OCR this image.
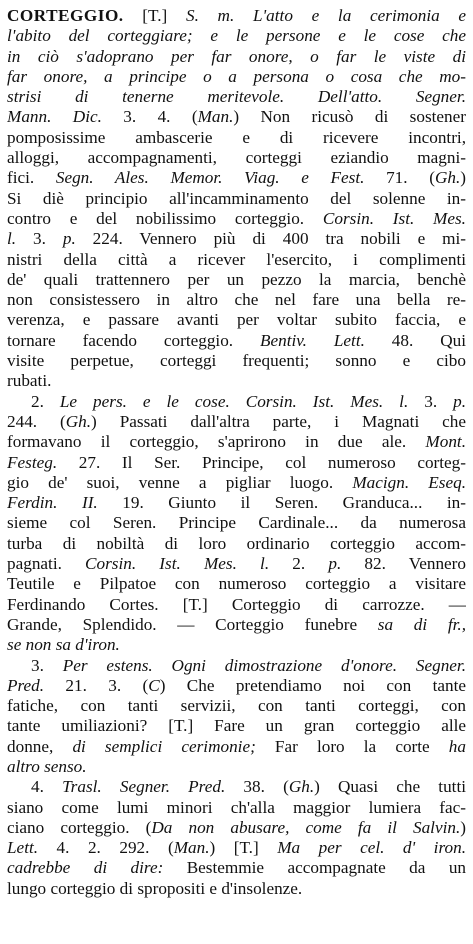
CORTEGGIO. [T.] S. m. L'atto e la cerimonia e
l'abito del corteggiare; e le persone e le cose che
in ciò s'adoprano per far onore, o far le viste di
far onore, a principe o a persona o cosa che mo-
strisi di tenerne meritevole. Dell'atto. Segner.
Mann. Dic. 3. 4. (Man.) Non ricusò di sostener
pomposissime ambascerie e di ricevere incontri,
alloggi, accompagnamenti, corteggi eziandio magni-
fici. Segn. Ales. Memor. Viag. e Fest. 71. (Gh.)
Si diè principio all'incamminamento del solenne in-
contro e del nobilissimo corteggio. Corsin. Ist. Mes.
l. 3. p. 224. Vennero più di 400 tra nobili e mi-
nistri della città a ricever l'esercito, i complimenti
de' quali trattennero per un pezzo la marcia, benchè
non consistessero in altro che nel fare una bella re-
verenza, e passare avanti per voltar subito faccia, e
tornare facendo corteggio. Bentiv. Lett. 48. Qui
visite perpetue, corteggi frequenti; sonno e cibo
rubati.
2. Le pers. e le cose. Corsin. Ist. Mes. l. 3. p.
244. (Gh.) Passati dall'altra parte, i Magnati che
formavano il corteggio, s'aprirono in due ale. Mont.
Festeg. 27. Il Ser. Principe, col numeroso corteg-
gio de' suoi, venne a pigliar luogo. Macign. Eseq.
Ferdin. II. 19. Giunto il Seren. Granduca... in-
sieme col Seren. Principe Cardinale... da numerosa
turba di nobiltà di loro ordinario corteggio accom-
pagnati. Corsin. Ist. Mes. l. 2. p. 82. Vennero
Teutile e Pilpatoe con numeroso corteggio a visitare
Ferdinando Cortes. [T.] Corteggio di carrozze. —
Grande, Splendido. — Corteggio funebre sa di fr.,
se non sa d'iron.
3. Per estens. Ogni dimostrazione d'onore. Segner.
Pred. 21. 3. (C) Che pretendiamo noi con tante
fatiche, con tanti servizii, con tanti corteggi, con
tante umiliazioni? [T.] Fare un gran corteggio alle
donne, di semplici cerimonie; Far loro la corte ha
altro senso.
4. Trasl. Segner. Pred. 38. (Gh.) Quasi che tutti
siano come lumi minori ch'alla maggior lumiera fac-
ciano corteggio. (Da non abusare, come fa il Salvin.)
Lett. 4. 2. 292. (Man.) [T.] Ma per cel. d' iron.
cadrebbe di dire: Bestemmie accompagnate da un
lungo corteggio di spropositi e d'insolenze.
